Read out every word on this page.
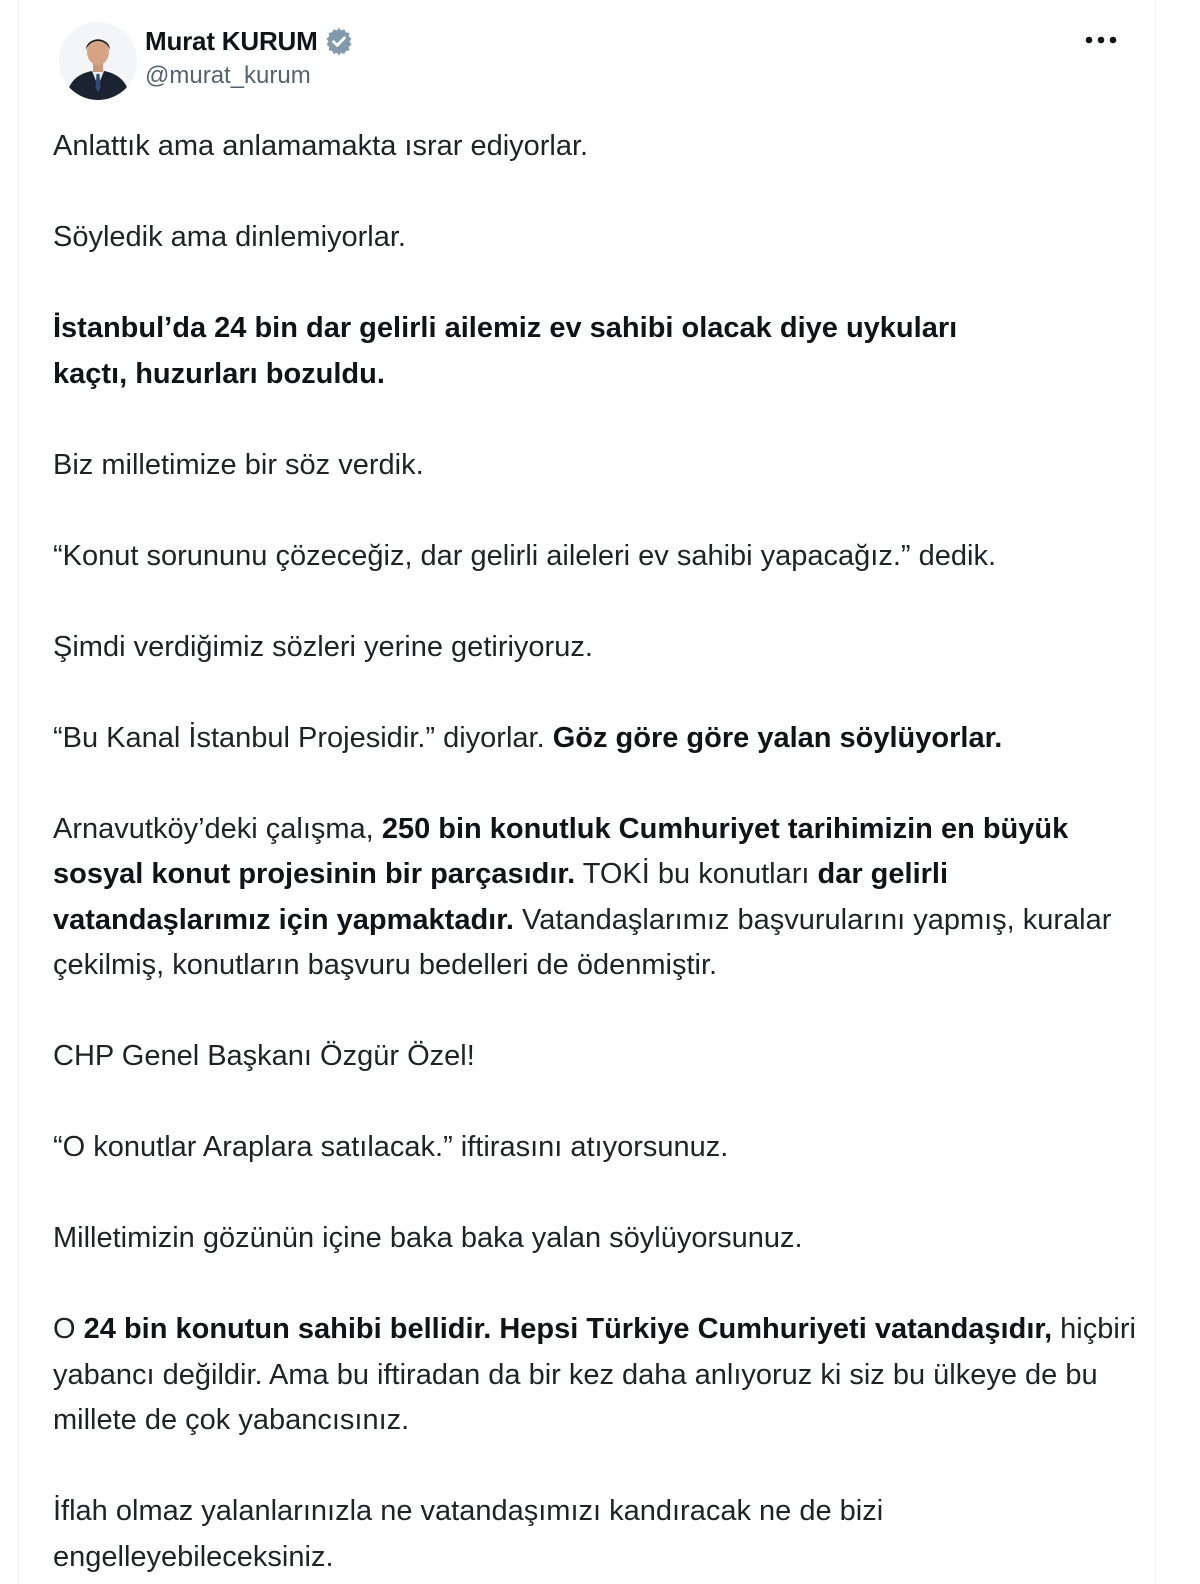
Murat KURUM
@murat_kurum

Anlattık ama anlamamakta ısrar ediyorlar.

Söyledik ama dinlemiyorlar.

İstanbul’da 24 bin dar gelirli ailemiz ev sahibi olacak diye uykuları
kaçtı, huzurları bozuldu.

Biz milletimize bir söz verdik.

“Konut sorununu çözeceğiz, dar gelirli aileleri ev sahibi yapacağız.” dedik.

Şimdi verdiğimiz sözleri yerine getiriyoruz.

“Bu Kanal İstanbul Projesidir.” diyorlar. Göz göre göre yalan söylüyorlar.

Arnavutköy’deki çalışma, 250 bin konutluk Cumhuriyet tarihimizin en büyük sosyal konut projesinin bir parçasıdır. TOKİ bu konutları dar gelirli vatandaşlarımız için yapmaktadır. Vatandaşlarımız başvurularını yapmış, kuralar çekilmiş, konutların başvuru bedelleri de ödenmiştir.

CHP Genel Başkanı Özgür Özel!

“O konutlar Araplara satılacak.” iftirasını atıyorsunuz.

Milletimizin gözünün içine baka baka yalan söylüyorsunuz.

O 24 bin konutun sahibi bellidir. Hepsi Türkiye Cumhuriyeti vatandaşıdır, hiçbiri yabancı değildir. Ama bu iftiradan da bir kez daha anlıyoruz ki siz bu ülkeye de bu millete de çok yabancısınız.

İflah olmaz yalanlarınızla ne vatandaşımızı kandıracak ne de bizi engelleyebileceksiniz.
